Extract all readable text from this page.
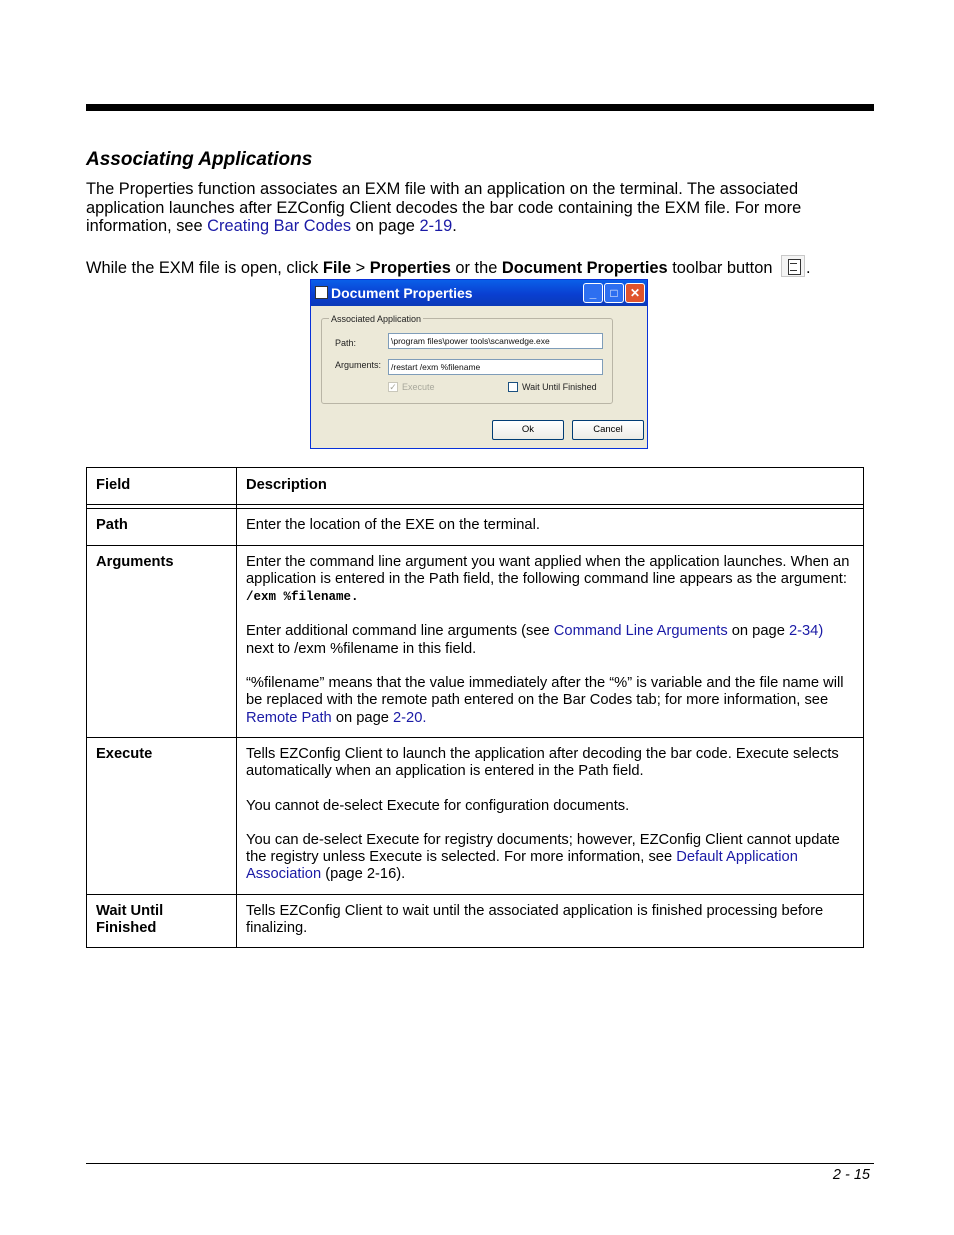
Associating Applications
The Properties function associates an EXM file with an application on the terminal. The associated application launches after EZConfig Client decodes the bar code containing the EXM file. For more information, see Creating Bar Codes on page 2-19.
While the EXM file is open, click File > Properties or the Document Properties toolbar button .
Document Properties	_	□	✕
Associated Application
Path:	\program files\power tools\scanwedge.exe
Arguments:	/restart /exm %filename
✓ Execute	Wait Until Finished
Ok	Cancel
Field	Description

Path	Enter the location of the EXE on the terminal.
Arguments	Enter the command line argument you want applied when the application launches. When an application is entered in the Path field, the following command line appears as the argument: /exm %filename.

Enter additional command line arguments (see Command Line Arguments on page 2-34) next to /exm %filename in this field.

“%filename” means that the value immediately after the “%” is variable and the file name will be replaced with the remote path entered on the Bar Codes tab; for more information, see Remote Path on page 2-20.

Execute	Tells EZConfig Client to launch the application after decoding the bar code. Execute selects automatically when an application is entered in the Path field.

You cannot de-select Execute for configuration documents.

You can de-select Execute for registry documents; however, EZConfig Client cannot update the registry unless Execute is selected. For more information, see Default Application Association (page 2-16).

Wait Until
Finished	Tells EZConfig Client to wait until the associated application is finished processing before finalizing.
2 - 15
